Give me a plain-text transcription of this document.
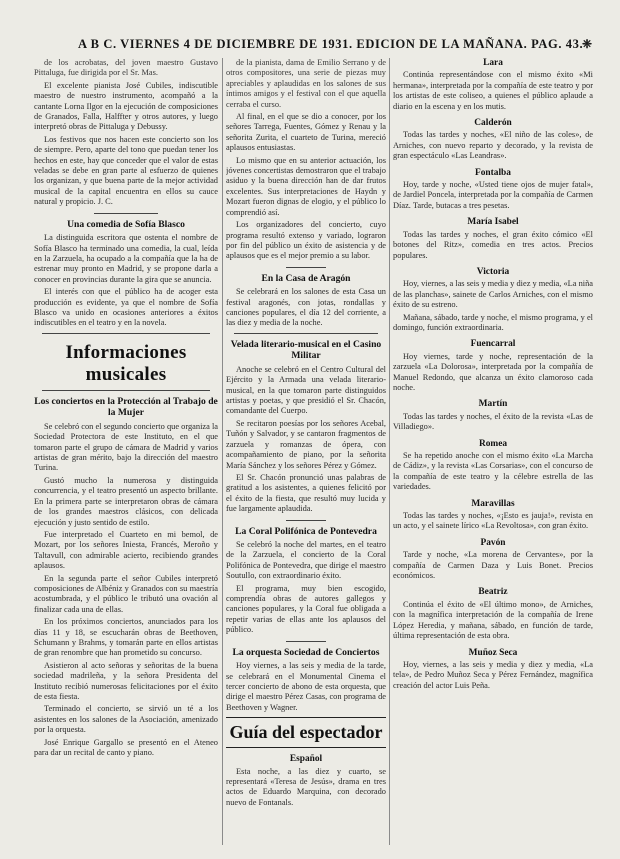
A B C. VIERNES 4 DE DICIEMBRE DE 1931. EDICION DE LA MAÑANA. PAG. 43.
❈

de los acrobatas, del joven maestro Gustavo Pittaluga, fue dirigida por el Sr. Mas.

El excelente pianista José Cubiles, indiscutible maestro de nuestro instrumento, acompañó a la cantante Lorna Ilgor en la ejecución de composiciones de Granados, Falla, Halffter y otros autores, y luego interpretó obras de Pittaluga y Debussy.

Los festivos que nos hacen este concierto son los de siempre. Pero, aparte del tono que puedan tener los hechos en este, hay que conceder que el valor de estas veladas se debe en gran parte al esfuerzo de quienes los organizan, y que buena parte de la mejor actividad musical de la capital encuentra en ellos su cauce natural y propicio. J. C.

Una comedia de Sofía Blasco

La distinguida escritora que ostenta el nombre de Sofía Blasco ha terminado una comedia, la cual, leída en la Zarzuela, ha ocupado a la compañía que la ha de estrenar muy pronto en Madrid, y se propone darla a conocer en provincias durante la gira que se anuncia.

El interés con que el público ha de acoger esta producción es evidente, ya que el nombre de Sofía Blasco va unido en ocasiones anteriores a éxitos indiscutibles en el teatro y en la novela.

Informaciones musicales
Los conciertos en la Protección al Trabajo de la Mujer

Se celebró con el segundo concierto que organiza la Sociedad Protectora de este Instituto, en el que tomaron parte el grupo de cámara de Madrid y varios artistas de gran mérito, bajo la dirección del maestro Turina.

Gustó mucho la numerosa y distinguida concurrencia, y el teatro presentó un aspecto brillante. En la primera parte se interpretaron obras de cámara de los grandes maestros clásicos, con delicada ejecución y justo sentido de estilo.

Fue interpretado el Cuarteto en mi bemol, de Mozart, por los señores Iniesta, Francés, Meroño y Taltavull, con admirable acierto, recibiendo grandes aplausos.

En la segunda parte el señor Cubiles interpretó composiciones de Albéniz y Granados con su maestría acostumbrada, y el público le tributó una ovación al finalizar cada una de ellas.

En los próximos conciertos, anunciados para los días 11 y 18, se escucharán obras de Beethoven, Schumann y Brahms, y tomarán parte en ellos artistas de gran renombre que han prometido su concurso.

Asistieron al acto señoras y señoritas de la buena sociedad madrileña, y la señora Presidenta del Instituto recibió numerosas felicitaciones por el éxito de esta fiesta.

Terminado el concierto, se sirvió un té a los asistentes en los salones de la Asociación, amenizado por la orquesta.

José Enrique Gargallo se presentó en el Ateneo para dar un recital de canto y piano.

de la pianista, dama de Emilio Serrano y de otros compositores, una serie de piezas muy apreciables y aplaudidas en los salones de sus íntimos amigos y el festival con el que aquella cerraba el curso.

Al final, en el que se dio a conocer, por los señores Tarrega, Fuentes, Gómez y Renau y la señorita Zurita, el cuarteto de Turina, mereció aplausos entusiastas.

Lo mismo que en su anterior actuación, los jóvenes concertistas demostraron que el trabajo asiduo y la buena dirección han de dar frutos excelentes. Sus interpretaciones de Haydn y Mozart fueron dignas de elogio, y el público lo comprendió así.

Los organizadores del concierto, cuyo programa resultó extenso y variado, lograron por fin del público un éxito de asistencia y de aplausos que es el mejor premio a su labor.

En la Casa de Aragón

Se celebrará en los salones de esta Casa un festival aragonés, con jotas, rondallas y canciones populares, el día 12 del corriente, a las diez y media de la noche.

Velada literario-musical en el Casino Militar

Anoche se celebró en el Centro Cultural del Ejército y la Armada una velada literario-musical, en la que tomaron parte distinguidos artistas y poetas, y que presidió el Sr. Chacón, comandante del Cuerpo.

Se recitaron poesías por los señores Acebal, Tuñón y Salvador, y se cantaron fragmentos de zarzuela y romanzas de ópera, con acompañamiento de piano, por la señorita María Sánchez y los señores Pérez y Gómez.

El Sr. Chacón pronunció unas palabras de gratitud a los asistentes, a quienes felicitó por el éxito de la fiesta, que resultó muy lucida y fue largamente aplaudida.

La Coral Polifónica de Pontevedra

Se celebró la noche del martes, en el teatro de la Zarzuela, el concierto de la Coral Polifónica de Pontevedra, que dirige el maestro Soutullo, con extraordinario éxito.

El programa, muy bien escogido, comprendía obras de autores gallegos y canciones populares, y la Coral fue obligada a repetir varias de ellas ante los aplausos del público.

La orquesta Sociedad de Conciertos

Hoy viernes, a las seis y media de la tarde, se celebrará en el Monumental Cinema el tercer concierto de abono de esta orquesta, que dirige el maestro Pérez Casas, con programa de Beethoven y Wagner.

Guía del espectador
Español

Esta noche, a las diez y cuarto, se representará «Teresa de Jesús», drama en tres actos de Eduardo Marquina, con decorado nuevo de Fontanals.

Lara

Continúa representándose con el mismo éxito «Mi hermana», interpretada por la compañía de este teatro y por los artistas de este coliseo, a quienes el público aplaude a diario en la escena y en los mutis.

Calderón

Todas las tardes y noches, «El niño de las coles», de Arniches, con nuevo reparto y decorado, y la revista de gran espectáculo «Las Leandras».

Fontalba

Hoy, tarde y noche, «Usted tiene ojos de mujer fatal», de Jardiel Poncela, interpretada por la compañía de Carmen Díaz. Tarde, butacas a tres pesetas.

María Isabel

Todas las tardes y noches, el gran éxito cómico «El botones del Ritz», comedia en tres actos. Precios populares.

Victoria

Hoy, viernes, a las seis y media y diez y media, «La niña de las planchas», sainete de Carlos Arniches, con el mismo éxito de su estreno.

Mañana, sábado, tarde y noche, el mismo programa, y el domingo, función extraordinaria.

Fuencarral

Hoy viernes, tarde y noche, representación de la zarzuela «La Dolorosa», interpretada por la compañía de Manuel Redondo, que alcanza un éxito clamoroso cada noche.

Martín

Todas las tardes y noches, el éxito de la revista «Las de Villadiego».

Romea

Se ha repetido anoche con el mismo éxito «La Marcha de Cádiz», y la revista «Las Corsarias», con el concurso de la compañía de este teatro y la célebre estrella de las variedades.

Maravillas

Todas las tardes y noches, «¡Esto es jauja!», revista en un acto, y el sainete lírico «La Revoltosa», con gran éxito.

Pavón

Tarde y noche, «La morena de Cervantes», por la compañía de Carmen Daza y Luis Bonet. Precios económicos.

Beatriz

Continúa el éxito de «El último mono», de Arniches, con la magnífica interpretación de la compañía de Irene López Heredia, y mañana, sábado, en función de tarde, última representación de esta obra.

Muñoz Seca

Hoy, viernes, a las seis y media y diez y media, «La tela», de Pedro Muñoz Seca y Pérez Fernández, magnífica creación del actor Luis Peña.
